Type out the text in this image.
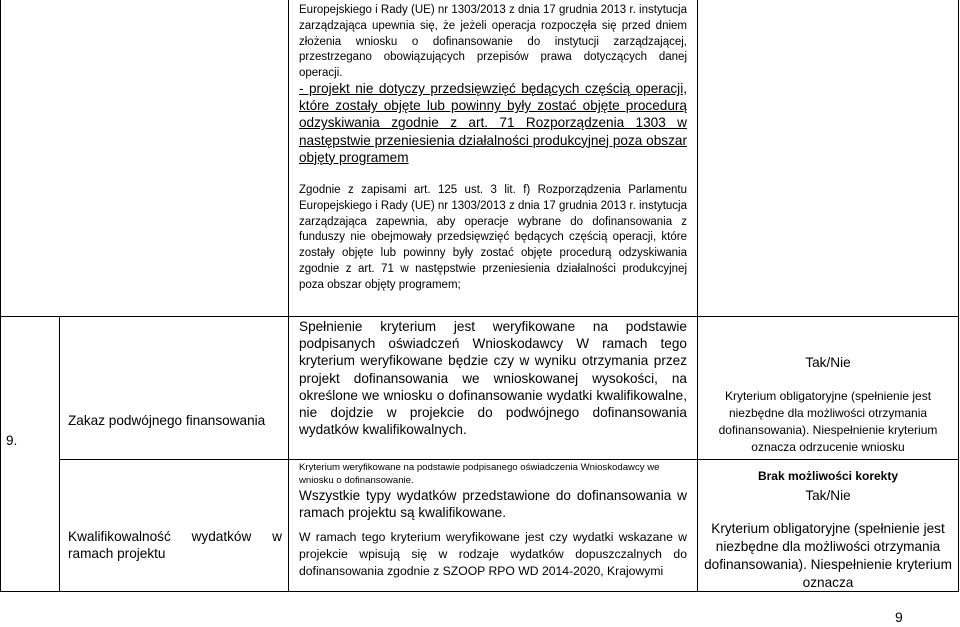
Europejskiego i Rady (UE) nr 1303/2013 z dnia 17 grudnia 2013 r. instytucja zarządzająca upewnia się, że jeżeli operacja rozpoczęła się przed dniem złożenia wniosku o dofinansowanie do instytucji zarządzającej, przestrzegano obowiązujących przepisów prawa dotyczących danej operacji.

- projekt nie dotyczy przedsięwzięć będących częścią operacji, które zostały objęte lub powinny były zostać objęte procedurą odzyskiwania zgodnie z art. 71 Rozporządzenia 1303 w następstwie przeniesienia działalności produkcyjnej poza obszar objęty programem

Zgodnie z zapisami art. 125 ust. 3 lit. f) Rozporządzenia Parlamentu Europejskiego i Rady (UE) nr 1303/2013 z dnia 17 grudnia 2013 r. instytucja zarządzająca zapewnia, aby operacje wybrane do dofinansowania z funduszy nie obejmowały przedsięwzięć będących częścią operacji, które zostały objęte lub powinny były zostać objęte procedurą odzyskiwania zgodnie z art. 71 w następstwie przeniesienia działalności produkcyjnej poza obszar objęty programem;

9.

Zakaz podwójnego finansowania

Spełnienie kryterium jest weryfikowane na podstawie podpisanych oświadczeń Wnioskodawcy W ramach tego kryterium weryfikowane będzie czy w wyniku otrzymania przez projekt dofinansowania we wnioskowanej wysokości, na określone we wniosku o dofinansowanie wydatki kwalifikowalne, nie dojdzie w projekcie do podwójnego dofinansowania wydatków kwalifikowalnych.

Kryterium weryfikowane na podstawie podpisanego oświadczenia Wnioskodawcy we wniosku o dofinansowanie.

Tak/Nie

Kryterium obligatoryjne (spełnienie jest niezbędne dla możliwości otrzymania dofinansowania). Niespełnienie kryterium oznacza odrzucenie wniosku

Brak możliwości korekty

Kwalifikowalność wydatków w ramach projektu

Wszystkie typy wydatków przedstawione do dofinansowania w ramach projektu są kwalifikowane.

W ramach tego kryterium weryfikowane jest czy wydatki wskazane w projekcie wpisują się w rodzaje wydatków dopuszczalnych do dofinansowania zgodnie z SZOOP RPO WD 2014-2020, Krajowymi

Tak/Nie

Kryterium obligatoryjne (spełnienie jest niezbędne dla możliwości otrzymania dofinansowania). Niespełnienie kryterium oznacza

9
